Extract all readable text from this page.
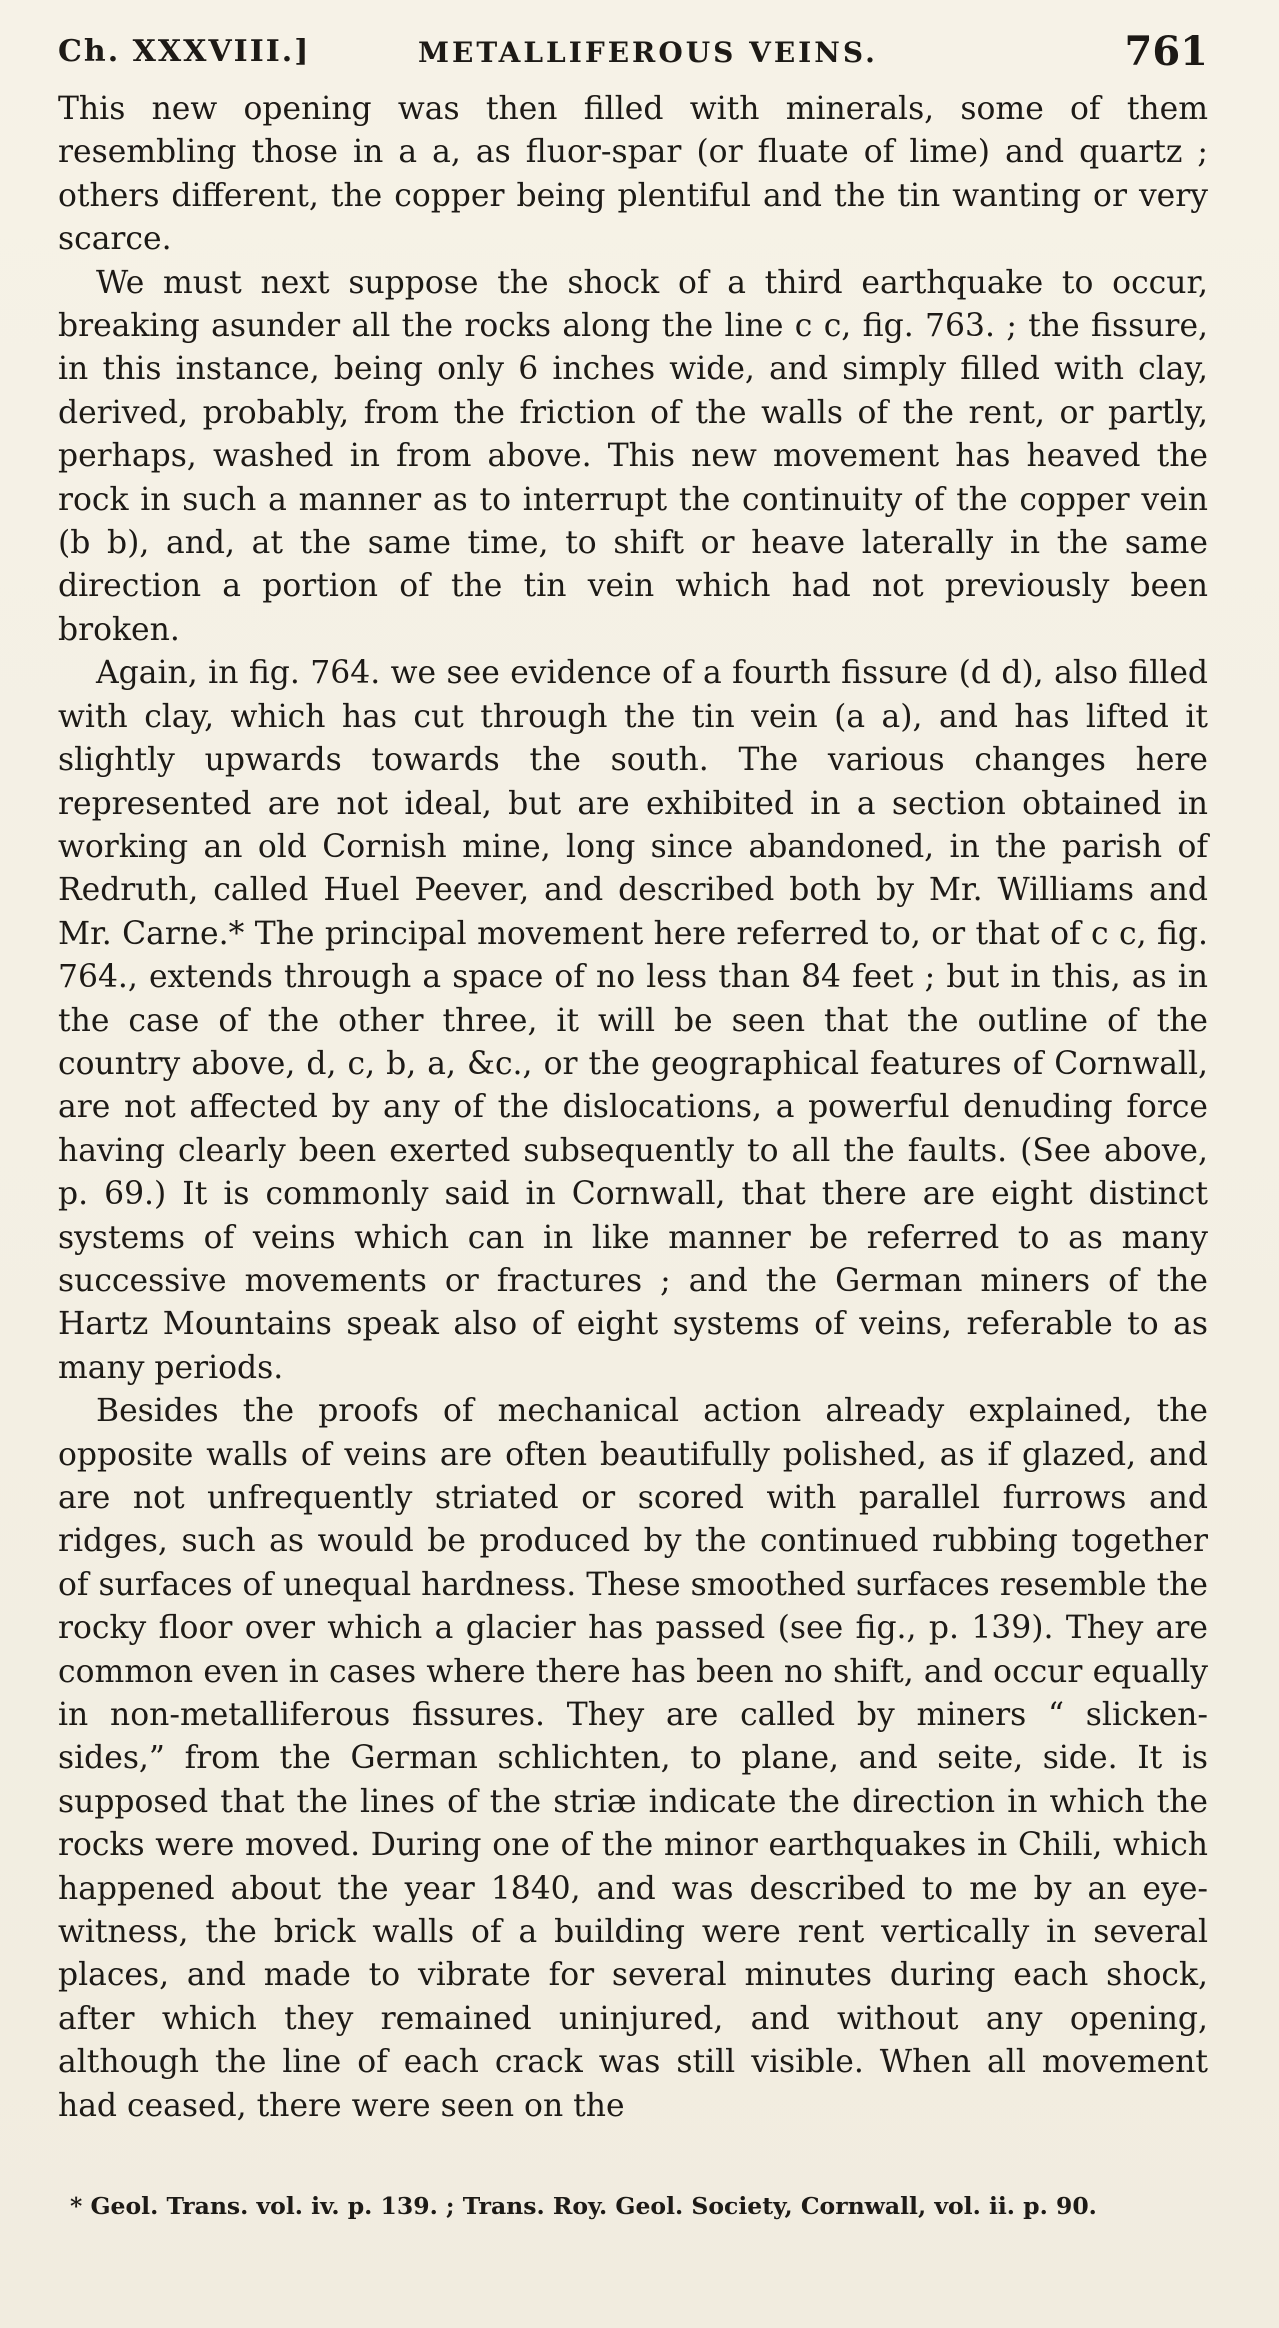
Ch. XXXVIII.]	METALLIFEROUS VEINS.	761

This new opening was then filled with minerals, some of them resembling those in a a, as fluor-spar (or fluate of lime) and quartz ; others different, the copper being plentiful and the tin wanting or very scarce.

We must next suppose the shock of a third earthquake to occur, breaking asunder all the rocks along the line c c, fig. 763. ; the fissure, in this instance, being only 6 inches wide, and simply filled with clay, derived, probably, from the friction of the walls of the rent, or partly, perhaps, washed in from above. This new movement has heaved the rock in such a manner as to interrupt the continuity of the copper vein (b b), and, at the same time, to shift or heave laterally in the same direction a portion of the tin vein which had not previously been broken.

Again, in fig. 764. we see evidence of a fourth fissure (d d), also filled with clay, which has cut through the tin vein (a a), and has lifted it slightly upwards towards the south. The various changes here represented are not ideal, but are exhibited in a section obtained in working an old Cornish mine, long since abandoned, in the parish of Redruth, called Huel Peever, and described both by Mr. Williams and Mr. Carne.* The principal movement here referred to, or that of c c, fig. 764., extends through a space of no less than 84 feet ; but in this, as in the case of the other three, it will be seen that the outline of the country above, d, c, b, a, &c., or the geographical features of Cornwall, are not affected by any of the dislocations, a powerful denuding force having clearly been exerted subsequently to all the faults. (See above, p. 69.) It is commonly said in Cornwall, that there are eight distinct systems of veins which can in like manner be referred to as many successive movements or fractures ; and the German miners of the Hartz Mountains speak also of eight systems of veins, referable to as many periods.

Besides the proofs of mechanical action already explained, the opposite walls of veins are often beautifully polished, as if glazed, and are not unfrequently striated or scored with parallel furrows and ridges, such as would be produced by the continued rubbing together of surfaces of unequal hardness. These smoothed surfaces resemble the rocky floor over which a glacier has passed (see fig., p. 139). They are common even in cases where there has been no shift, and occur equally in non-metalliferous fissures. They are called by miners “ slicken-sides,” from the German schlichten, to plane, and seite, side. It is supposed that the lines of the striæ indicate the direction in which the rocks were moved. During one of the minor earthquakes in Chili, which happened about the year 1840, and was described to me by an eye-witness, the brick walls of a building were rent vertically in several places, and made to vibrate for several minutes during each shock, after which they remained uninjured, and without any opening, although the line of each crack was still visible. When all movement had ceased, there were seen on the

* Geol. Trans. vol. iv. p. 139. ; Trans. Roy. Geol. Society, Cornwall, vol. ii. p. 90.
